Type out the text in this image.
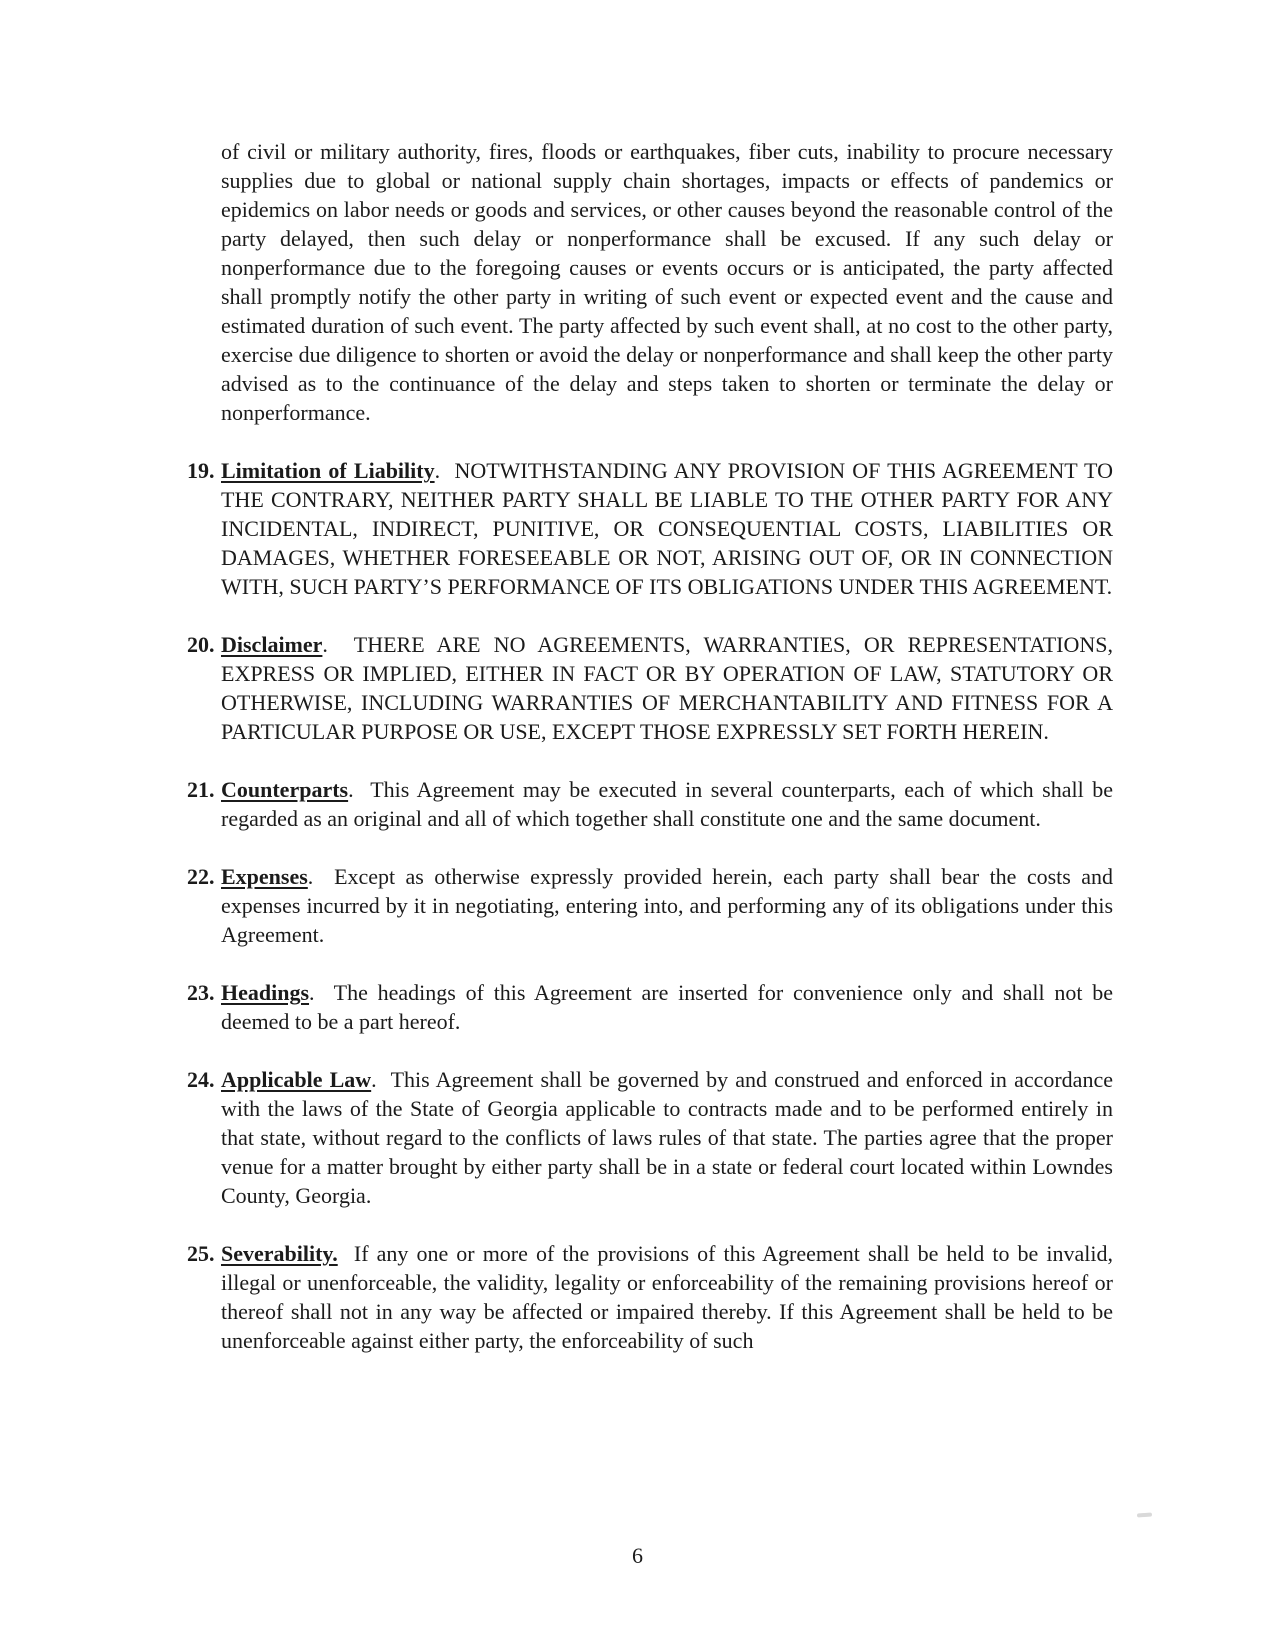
of civil or military authority, fires, floods or earthquakes, fiber cuts, inability to procure necessary supplies due to global or national supply chain shortages, impacts or effects of pandemics or epidemics on labor needs or goods and services, or other causes beyond the reasonable control of the party delayed, then such delay or nonperformance shall be excused. If any such delay or nonperformance due to the foregoing causes or events occurs or is anticipated, the party affected shall promptly notify the other party in writing of such event or expected event and the cause and estimated duration of such event. The party affected by such event shall, at no cost to the other party, exercise due diligence to shorten or avoid the delay or nonperformance and shall keep the other party advised as to the continuance of the delay and steps taken to shorten or terminate the delay or nonperformance.

19. Limitation of Liability.  NOTWITHSTANDING ANY PROVISION OF THIS AGREEMENT TO THE CONTRARY, NEITHER PARTY SHALL BE LIABLE TO THE OTHER PARTY FOR ANY INCIDENTAL, INDIRECT, PUNITIVE, OR CONSEQUENTIAL COSTS, LIABILITIES OR DAMAGES, WHETHER FORESEEABLE OR NOT, ARISING OUT OF, OR IN CONNECTION WITH, SUCH PARTY’S PERFORMANCE OF ITS OBLIGATIONS UNDER THIS AGREEMENT.
20. Disclaimer.  THERE ARE NO AGREEMENTS, WARRANTIES, OR REPRESENTATIONS, EXPRESS OR IMPLIED, EITHER IN FACT OR BY OPERATION OF LAW, STATUTORY OR OTHERWISE, INCLUDING WARRANTIES OF MERCHANTABILITY AND FITNESS FOR A PARTICULAR PURPOSE OR USE, EXCEPT THOSE EXPRESSLY SET FORTH HEREIN.
21. Counterparts.  This Agreement may be executed in several counterparts, each of which shall be regarded as an original and all of which together shall constitute one and the same document.
22. Expenses.  Except as otherwise expressly provided herein, each party shall bear the costs and expenses incurred by it in negotiating, entering into, and performing any of its obligations under this Agreement.
23. Headings.  The headings of this Agreement are inserted for convenience only and shall not be deemed to be a part hereof.
24. Applicable Law.  This Agreement shall be governed by and construed and enforced in accordance with the laws of the State of Georgia applicable to contracts made and to be performed entirely in that state, without regard to the conflicts of laws rules of that state. The parties agree that the proper venue for a matter brought by either party shall be in a state or federal court located within Lowndes County, Georgia.
25. Severability. If any one or more of the provisions of this Agreement shall be held to be invalid, illegal or unenforceable, the validity, legality or enforceability of the remaining provisions hereof or thereof shall not in any way be affected or impaired thereby. If this Agreement shall be held to be unenforceable against either party, the enforceability of such
6
